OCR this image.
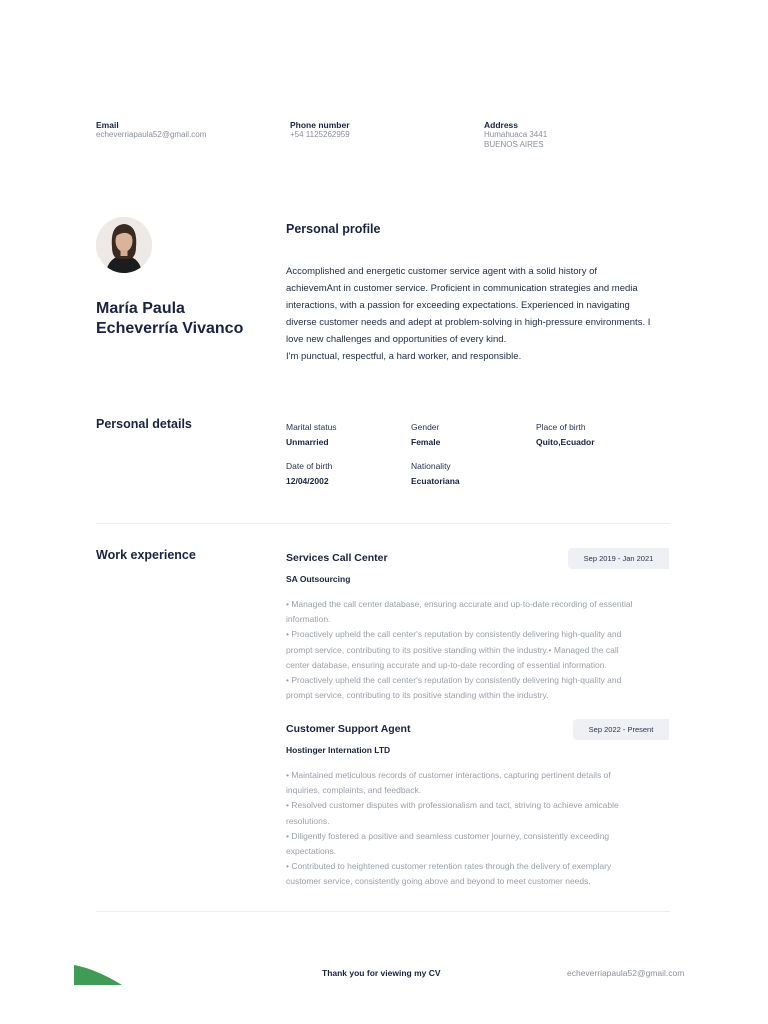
Email
echeverriapaula52@gmail.com
Phone number
+54 1125262959
Address
Humahuaca 3441
BUENOS AIRES
María Paula
Echeverría Vivanco
Personal profile

Accomplished and energetic customer service agent with a solid history of

achievemAnt in customer service. Proficient in communication strategies and media

interactions, with a passion for exceeding expectations. Experienced in navigating

diverse customer needs and adept at problem-solving in high-pressure environments. I

love new challenges and opportunities of every kind.

I'm punctual, respectful, a hard worker, and responsible.

Personal details	Marital status
Unmarried
Gender
Female
Place of birth
Quito,Ecuador
Date of birth
12/04/2002
Nationality
Ecuatoriana
Work experience	Services Call Center	Sep 2019 - Jan 2021
SA Outsourcing
• Managed the call center database, ensuring accurate and up-to-date recording of essential
information.
• Proactively upheld the call center's reputation by consistently delivering high-quality and
prompt service, contributing to its positive standing within the industry.• Managed the call
center database, ensuring accurate and up-to-date recording of essential information.
• Proactively upheld the call center's reputation by consistently delivering high-quality and
prompt service, contributing to its positive standing within the industry.
Customer Support Agent	Sep 2022 - Present
Hostinger Internation LTD
• Maintained meticulous records of customer interactions, capturing pertinent details of
inquiries, complaints, and feedback.
• Resolved customer disputes with professionalism and tact, striving to achieve amicable
resolutions.
• Diligently fostered a positive and seamless customer journey, consistently exceeding
expectations.
• Contributed to heightened customer retention rates through the delivery of exemplary
customer service, consistently going above and beyond to meet customer needs.
Thank you for viewing my CV	echeverriapaula52@gmail.com
